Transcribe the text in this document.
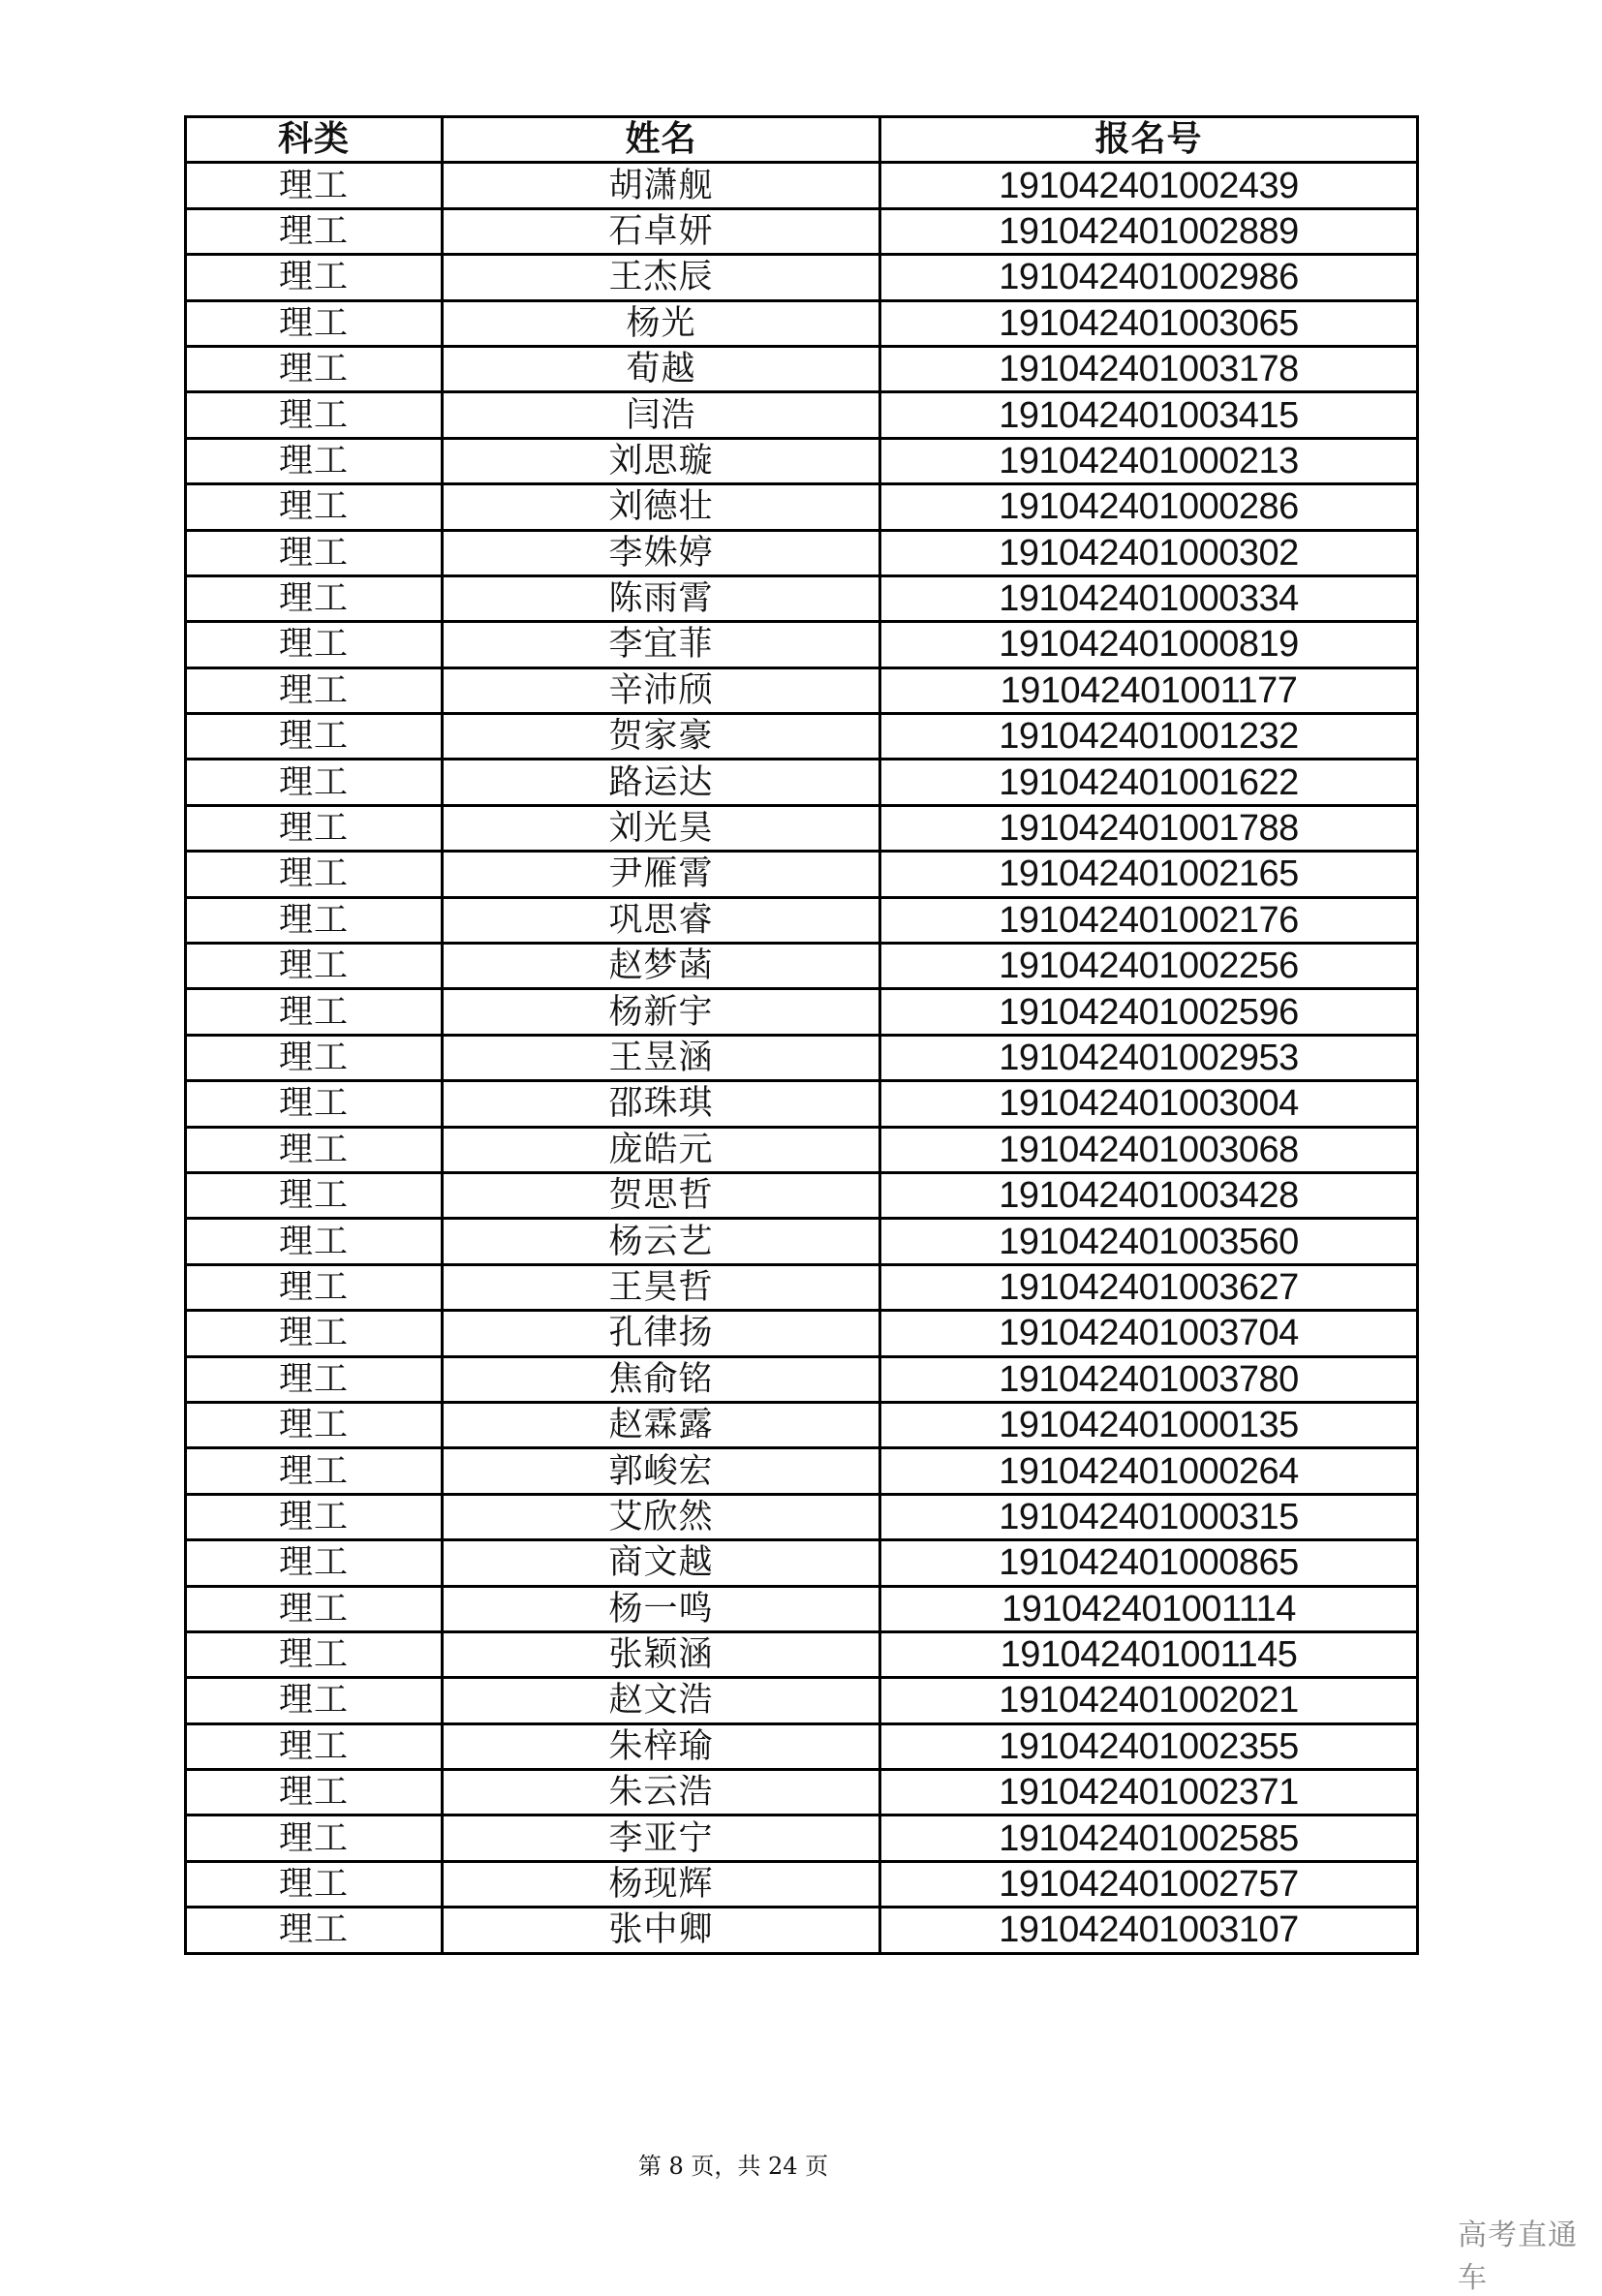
科类	姓名	报名号
理工	胡潇舰	191042401002439
理工	石卓妍	191042401002889
理工	王杰辰	191042401002986
理工	杨光	191042401003065
理工	荀越	191042401003178
理工	闫浩	191042401003415
理工	刘思璇	191042401000213
理工	刘德壮	191042401000286
理工	李姝婷	191042401000302
理工	陈雨霄	191042401000334
理工	李宜菲	191042401000819
理工	辛沛颀	191042401001177
理工	贺家豪	191042401001232
理工	路运达	191042401001622
理工	刘光昊	191042401001788
理工	尹雁霄	191042401002165
理工	巩思睿	191042401002176
理工	赵梦菡	191042401002256
理工	杨新宇	191042401002596
理工	王昱涵	191042401002953
理工	邵珠琪	191042401003004
理工	庞皓元	191042401003068
理工	贺思哲	191042401003428
理工	杨云艺	191042401003560
理工	王昊哲	191042401003627
理工	孔律扬	191042401003704
理工	焦俞铭	191042401003780
理工	赵霖露	191042401000135
理工	郭峻宏	191042401000264
理工	艾欣然	191042401000315
理工	商文越	191042401000865
理工	杨一鸣	191042401001114
理工	张颖涵	191042401001145
理工	赵文浩	191042401002021
理工	朱梓瑜	191042401002355
理工	朱云浩	191042401002371
理工	李亚宁	191042401002585
理工	杨现辉	191042401002757
理工	张中卿	191042401003107
第 8 页，共 24 页
高考直通车
